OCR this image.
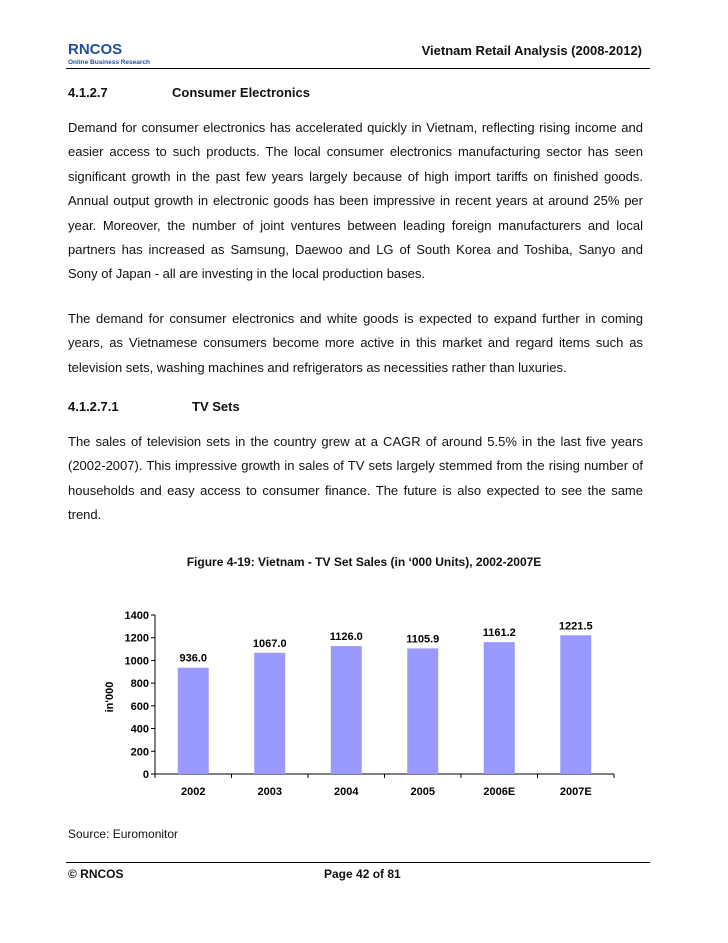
RNCOS
Online Business Research
Vietnam Retail Analysis (2008-2012)
4.1.2.7	Consumer Electronics

Demand for consumer electronics has accelerated quickly in Vietnam, reflecting rising income and easier access to such products. The local consumer electronics manufacturing sector has seen significant growth in the past few years largely because of high import tariffs on finished goods. Annual output growth in electronic goods has been impressive in recent years at around 25% per year. Moreover, the number of joint ventures between leading foreign manufacturers and local partners has increased as Samsung, Daewoo and LG of South Korea and Toshiba, Sanyo and Sony of Japan - all are investing in the local production bases.

The demand for consumer electronics and white goods is expected to expand further in coming years, as Vietnamese consumers become more active in this market and regard items such as television sets, washing machines and refrigerators as necessities rather than luxuries.

4.1.2.7.1	TV Sets

The sales of television sets in the country grew at a CAGR of around 5.5% in the last five years (2002-2007). This impressive growth in sales of TV sets largely stemmed from the rising number of households and easy access to consumer finance. The future is also expected to see the same trend.

Figure 4-19: Vietnam - TV Set Sales (in ‘000 Units), 2002-2007E
0
200
400
600
800
1000
1200
1400
936.0
2002
1067.0
2003
1126.0
2004
1105.9
2005
1161.2
2006E
1221.5
2007E
in'000
Source: Euromonitor
© RNCOS	Page 42 of 81
